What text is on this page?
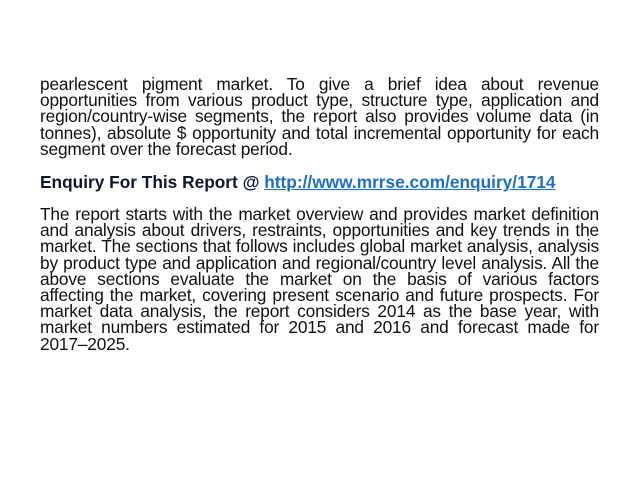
pearlescent pigment market. To give a brief idea about revenue opportunities from various product type, structure type, application and region/country-wise segments, the report also provides volume data (in tonnes), absolute $ opportunity and total incremental opportunity for each segment over the forecast period.

Enquiry For This Report @ http://www.mrrse.com/enquiry/1714

The report starts with the market overview and provides market definition and analysis about drivers, restraints, opportunities and key trends in the market. The sections that follows includes global market analysis, analysis by product type and application and regional/country level analysis. All the above sections evaluate the market on the basis of various factors affecting the market, covering present scenario and future prospects. For market data analysis, the report considers 2014 as the base year, with market numbers estimated for 2015 and 2016 and forecast made for 2017–2025.
